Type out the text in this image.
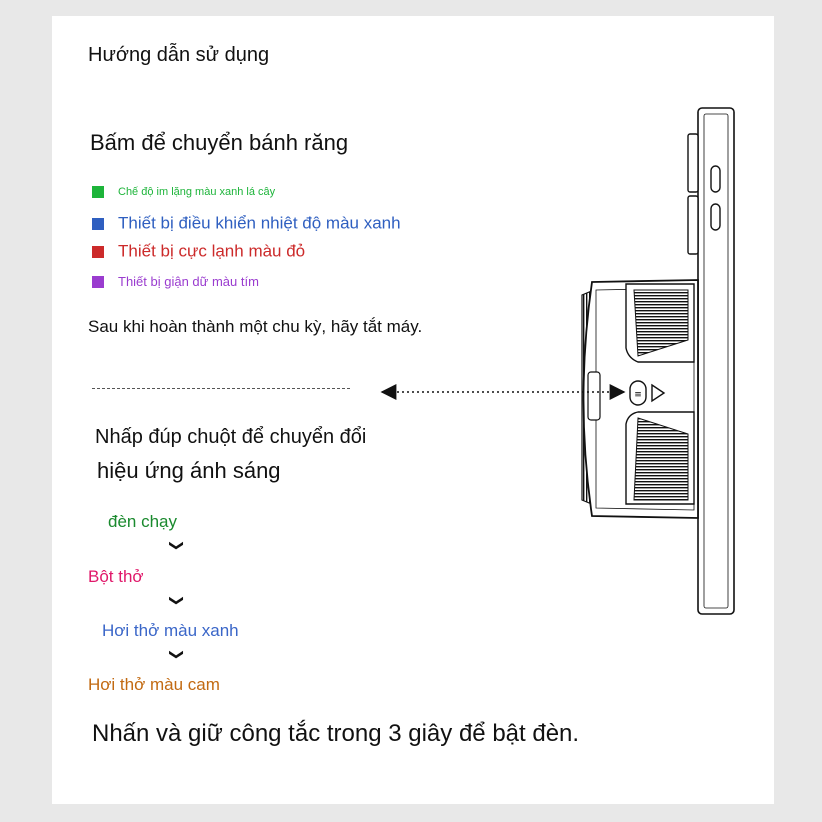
Hướng dẫn sử dụng
Bấm để chuyển bánh răng
Chế độ im lặng màu xanh lá cây
Thiết bị điều khiển nhiệt độ màu xanh
Thiết bị cực lạnh màu đỏ
Thiết bị giận dữ màu tím
Sau khi hoàn thành một chu kỳ, hãy tắt máy.
Nhấp đúp chuột để chuyển đổi
hiệu ứng ánh sáng
đèn chạy
❯
Bột thở
❯
Hơi thở màu xanh
❯
Hơi thở màu cam
Nhấn và giữ công tắc trong 3 giây để bật đèn.
≡
